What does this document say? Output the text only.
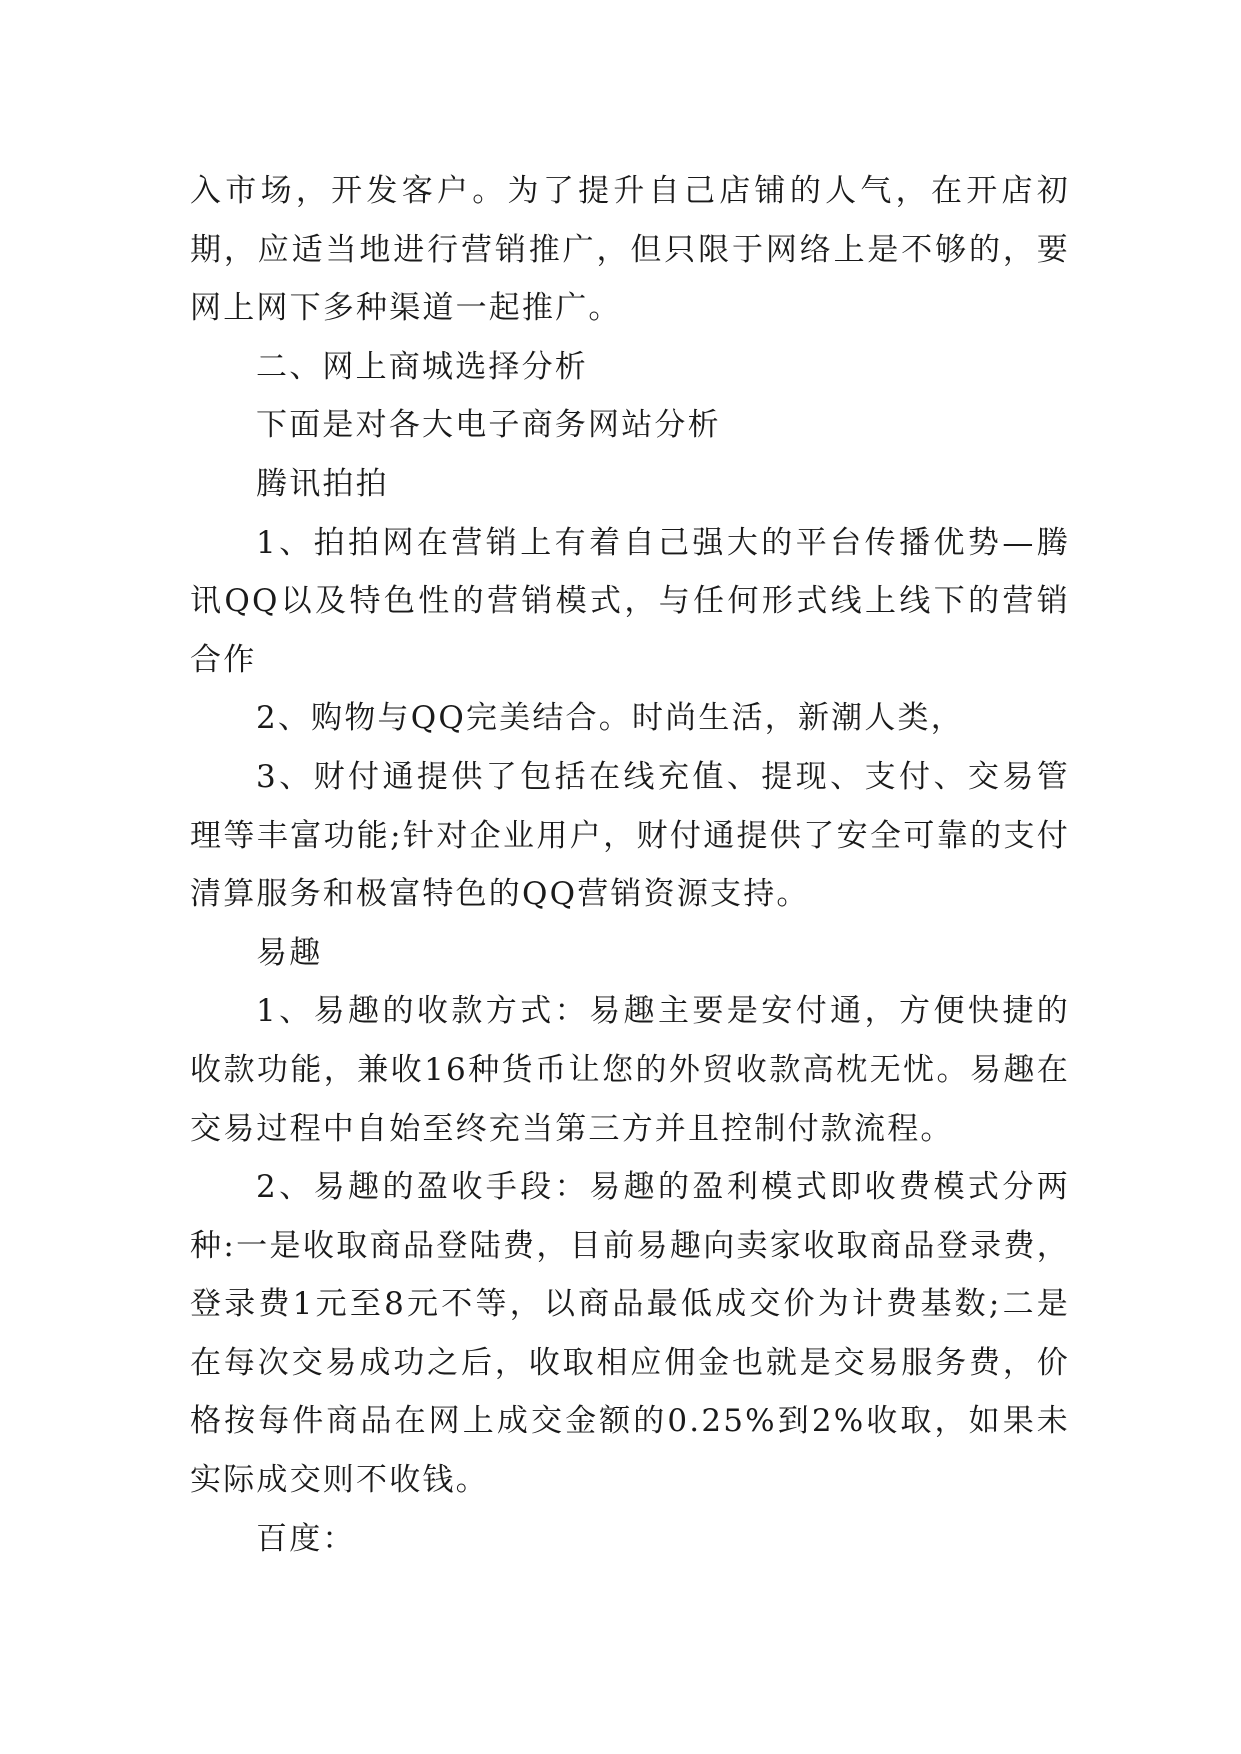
入市场，开发客户。为了提升自己店铺的人气，在开店初期，应适当地进行营销推广，但只限于网络上是不够的，要网上网下多种渠道一起推广。

二、网上商城选择分析

下面是对各大电子商务网站分析

腾讯拍拍

1、拍拍网在营销上有着自己强大的平台传播优势—腾讯QQ以及特色性的营销模式，与任何形式线上线下的营销合作

2、购物与QQ完美结合。时尚生活，新潮人类，

3、财付通提供了包括在线充值、提现、支付、交易管理等丰富功能;针对企业用户，财付通提供了安全可靠的支付清算服务和极富特色的QQ营销资源支持。

易趣

1、易趣的收款方式：易趣主要是安付通，方便快捷的收款功能，兼收16种货币让您的外贸收款高枕无忧。易趣在交易过程中自始至终充当第三方并且控制付款流程。

2、易趣的盈收手段：易趣的盈利模式即收费模式分两种:一是收取商品登陆费，目前易趣向卖家收取商品登录费，登录费1元至8元不等，以商品最低成交价为计费基数;二是在每次交易成功之后，收取相应佣金也就是交易服务费，价格按每件商品在网上成交金额的0.25%到2%收取，如果未实际成交则不收钱。

百度：
